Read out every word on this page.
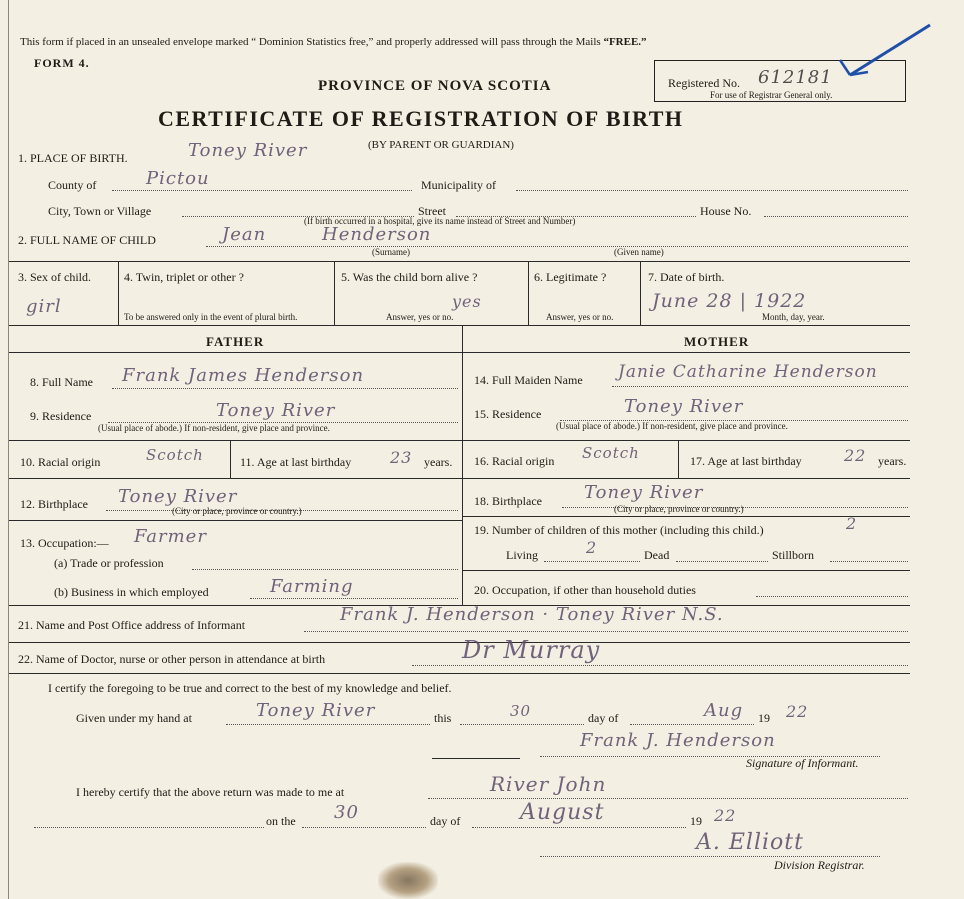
This form if placed in an unsealed envelope marked “ Dominion Statistics free,” and properly addressed will pass through the Mails “FREE.”
FORM 4.
PROVINCE OF NOVA SCOTIA
CERTIFICATE OF REGISTRATION OF BIRTH
(BY PARENT OR GUARDIAN)
Registered No. 612181
For use of Registrar General only.
1. PLACE OF BIRTH.	Toney River
County of	Pictou	Municipality of
City, Town or Village	Street	House No.
(If birth occurred in a hospital, give its name instead of Street and Number)
2. FULL NAME OF CHILD	Jean	Henderson
(Surname)	(Given name)
3. Sex of child.
girl
4. Twin, triplet or other ?
To be answered only in the event of plural birth.
5. Was the child born alive ?
yes
Answer, yes or no.
6. Legitimate ?
Answer, yes or no.
7. Date of birth.
June 28 | 1922
Month, day, year.
FATHER	MOTHER
8. Full Name Frank James Henderson
9. Residence	Toney River
(Usual place of abode.) If non-resident, give place and province.
10. Racial origin	Scotch	11. Age at last birthday 23 years.
12. Birthplace Toney River
(City or place, province or country.)
13. Occupation:— Farmer
(a) Trade or profession
(b) Business in which employed	Farming
14. Full Maiden Name Janie Catharine Henderson
15. Residence	Toney River
(Usual place of abode.) If non-resident, give place and province.
16. Racial origin Scotch	17. Age at last birthday	22 years.
18. Birthplace Toney River
(City or place, province or country.)
19. Number of children of this mother (including this child.)	2
Living	2	Dead	Stillborn
20. Occupation, if other than household duties
21. Name and Post Office address of Informant	Frank J. Henderson · Toney River N.S.
22. Name of Doctor, nurse or other person in attendance at birth	Dr Murray
I certify the foregoing to be true and correct to the best of my knowledge and belief.
Given under my hand at	Toney River	this	30	day of	Aug 19 22
Frank J. Henderson
Signature of Informant.
I hereby certify that the above return was made to me at	River John
on the 30	day of	August	19 22
A. Elliott
Division Registrar.
